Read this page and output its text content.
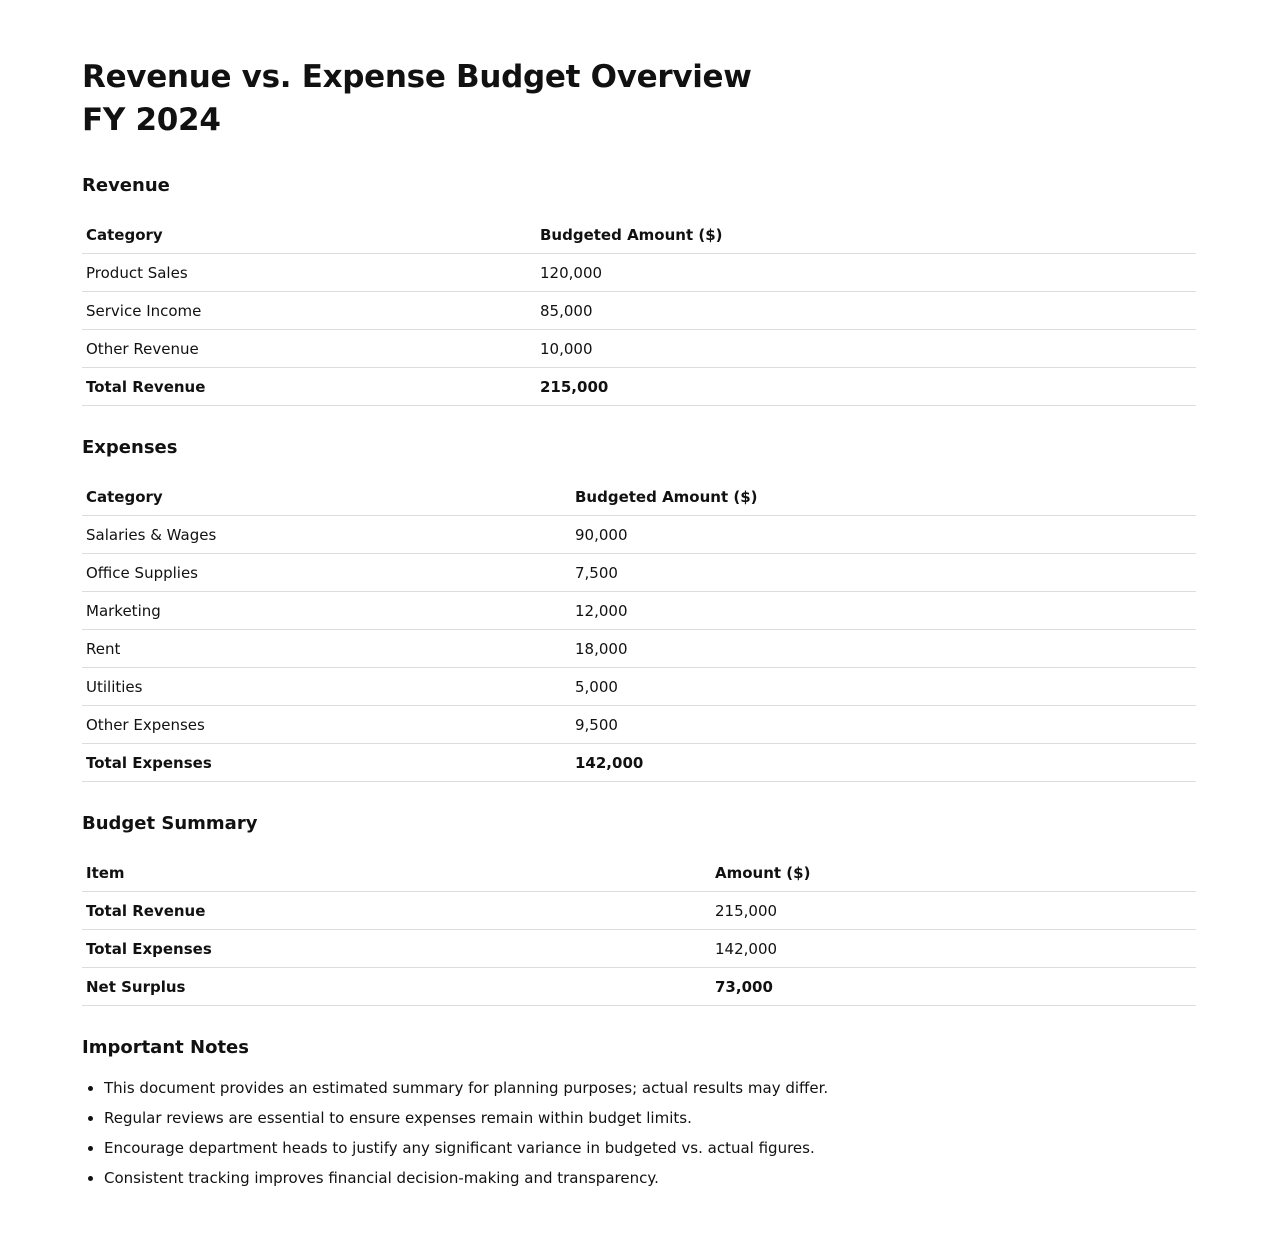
Revenue vs. Expense Budget Overview
FY 2024
Revenue
Category	Budgeted Amount ($)
Product Sales	120,000
Service Income	85,000
Other Revenue	10,000
Total Revenue	215,000
Expenses
Category	Budgeted Amount ($)
Salaries & Wages	90,000
Office Supplies	7,500
Marketing	12,000
Rent	18,000
Utilities	5,000
Other Expenses	9,500
Total Expenses	142,000
Budget Summary
Item	Amount ($)
Total Revenue	215,000
Total Expenses	142,000
Net Surplus	73,000
Important Notes
• This document provides an estimated summary for planning purposes; actual results may differ.
• Regular reviews are essential to ensure expenses remain within budget limits.
• Encourage department heads to justify any significant variance in budgeted vs. actual figures.
• Consistent tracking improves financial decision-making and transparency.
